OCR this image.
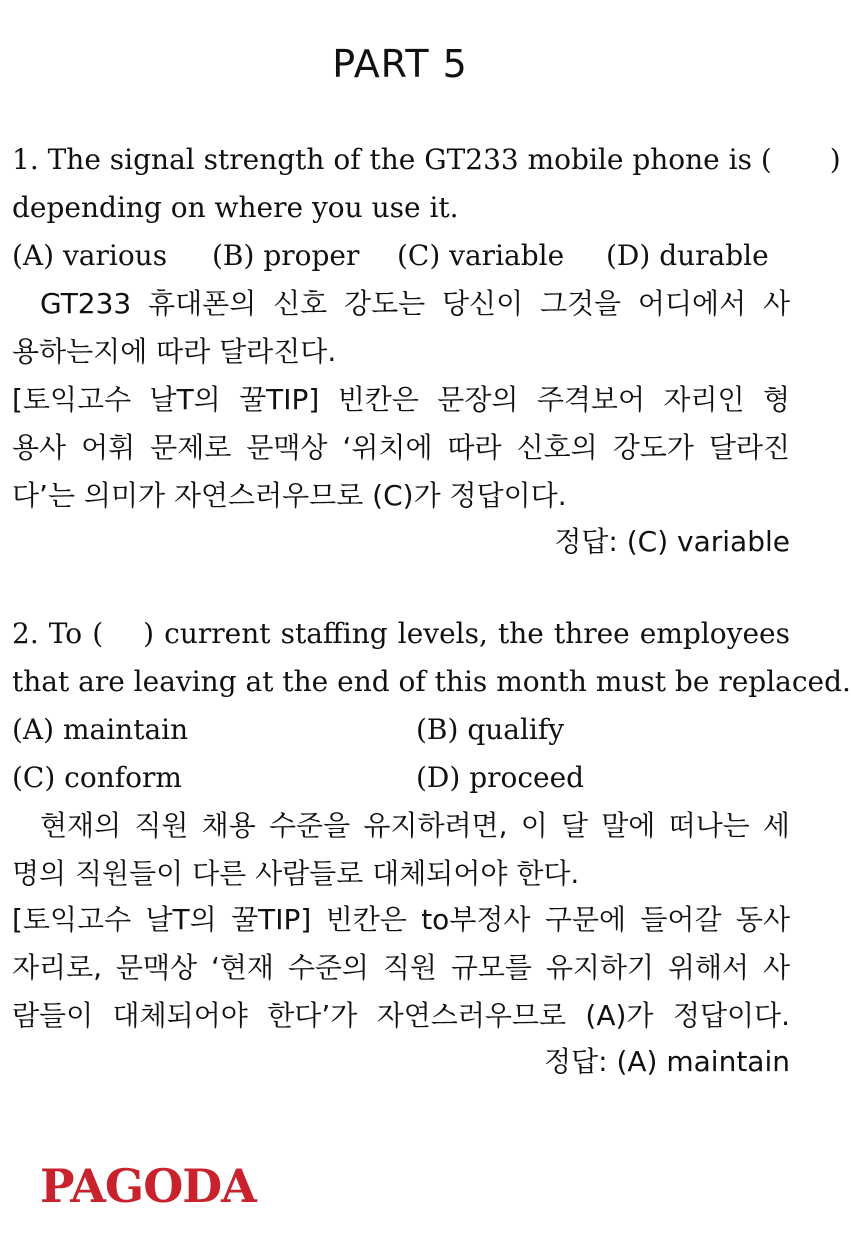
PART 5
1. The signal strength of the GT233 mobile phone is ( )
depending on where you use it.
(A) various (B) proper (C) variable (D) durable
GT233 휴대폰의 신호 강도는 당신이 그것을 어디에서 사
용하는지에 따라 달라진다.
[토익고수 날T의 꿀TIP] 빈칸은 문장의 주격보어 자리인 형
용사 어휘 문제로 문맥상 ‘위치에 따라 신호의 강도가 달라진
다’는 의미가 자연스러우므로 (C)가 정답이다.
정답: (C) variable
2. To ( ) current staffing levels, the three employees
that are leaving at the end of this month must be replaced.
(A) maintain	(B) qualify
(C) conform	(D) proceed
현재의 직원 채용 수준을 유지하려면, 이 달 말에 떠나는 세
명의 직원들이 다른 사람들로 대체되어야 한다.
[토익고수 날T의 꿀TIP] 빈칸은 to부정사 구문에 들어갈 동사
자리로, 문맥상 ‘현재 수준의 직원 규모를 유지하기 위해서 사
람들이 대체되어야 한다’가 자연스러우므로 (A)가 정답이다.
정답: (A) maintain
PAGODA
